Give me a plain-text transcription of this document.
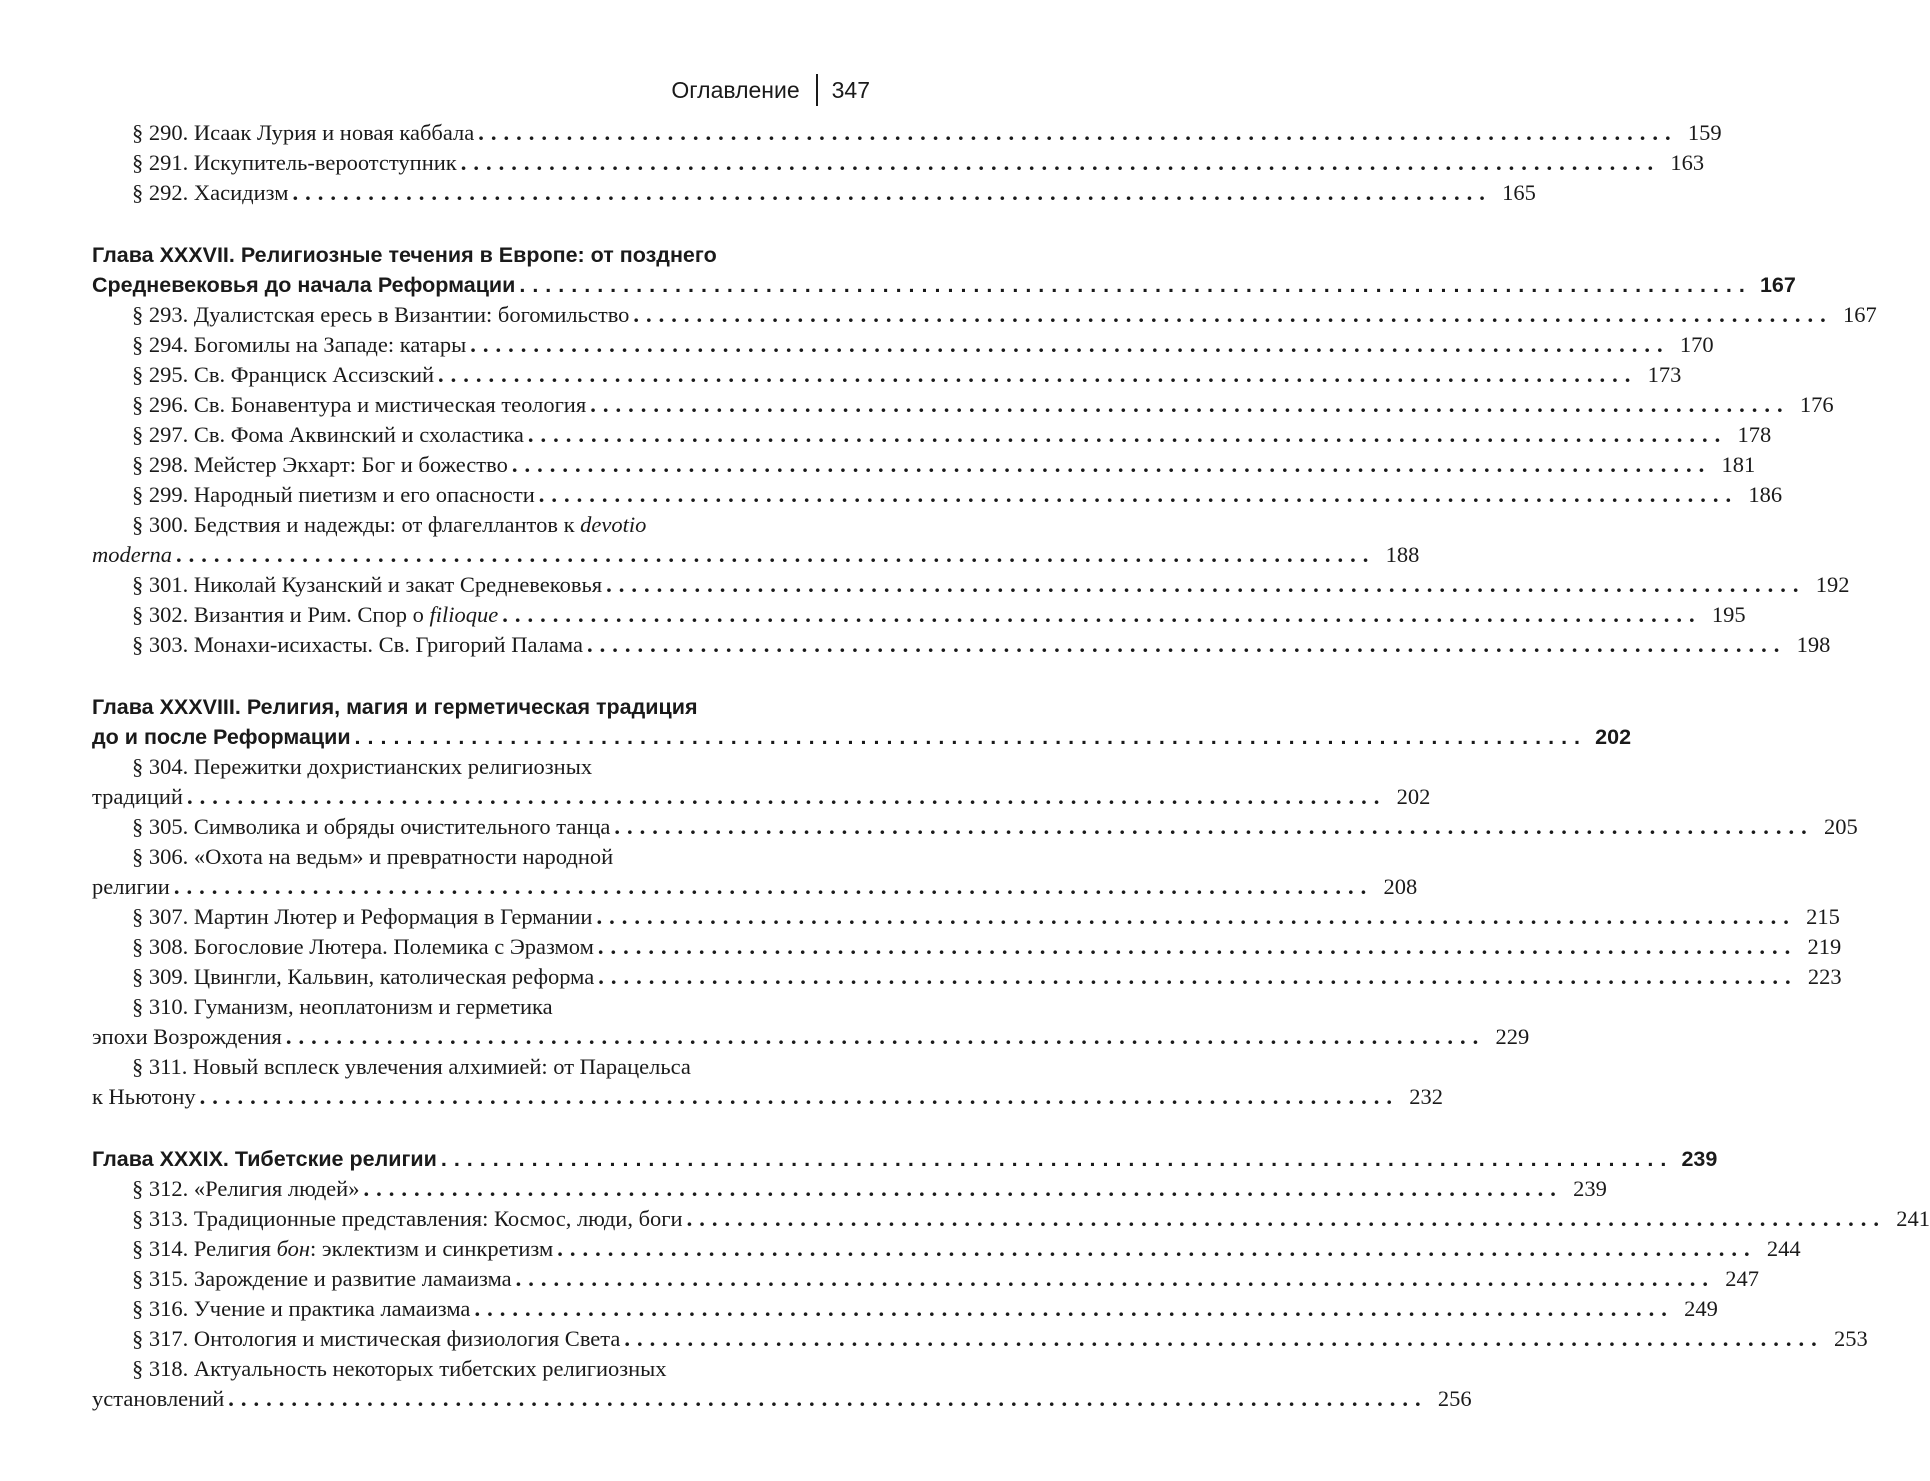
Оглавление 347
§ 290. Исаак Лурия и новая каббала ............................................................................................... 159
§ 291. Искупитель-вероотступник ............................................................................................... 163
§ 292. Хасидизм ............................................................................................... 165
Глава XXXVII. Религиозные течения в Европе: от позднего
Средневековья до начала Реформации ............................................................................................... 167
§ 293. Дуалистская ересь в Византии: богомильство ............................................................................................... 167
§ 294. Богомилы на Западе: катары ............................................................................................... 170
§ 295. Св. Франциск Ассизский ............................................................................................... 173
§ 296. Св. Бонавентура и мистическая теология ............................................................................................... 176
§ 297. Св. Фома Аквинский и схоластика ............................................................................................... 178
§ 298. Мейстер Экхарт: Бог и божество ............................................................................................... 181
§ 299. Народный пиетизм и его опасности ............................................................................................... 186
§ 300. Бедствия и надежды: от флагеллантов к devotio
moderna ............................................................................................... 188
§ 301. Николай Кузанский и закат Средневековья ............................................................................................... 192
§ 302. Византия и Рим. Спор о filioque ............................................................................................... 195
§ 303. Монахи-исихасты. Св. Григорий Палама ............................................................................................... 198
Глава XXXVIII. Религия, магия и герметическая традиция
до и после Реформации ............................................................................................... 202
§ 304. Пережитки дохристианских религиозных
традиций ............................................................................................... 202
§ 305. Символика и обряды очистительного танца ............................................................................................... 205
§ 306. «Охота на ведьм» и превратности народной
религии ............................................................................................... 208
§ 307. Мартин Лютер и Реформация в Германии ............................................................................................... 215
§ 308. Богословие Лютера. Полемика с Эразмом ............................................................................................... 219
§ 309. Цвингли, Кальвин, католическая реформа ............................................................................................... 223
§ 310. Гуманизм, неоплатонизм и герметика
эпохи Возрождения ............................................................................................... 229
§ 311. Новый всплеск увлечения алхимией: от Парацельса
к Ньютону ............................................................................................... 232
Глава XXXIX. Тибетские религии ............................................................................................... 239
§ 312. «Религия людей» ............................................................................................... 239
§ 313. Традиционные представления: Космос, люди, боги ............................................................................................... 241
§ 314. Религия бон: эклектизм и синкретизм ............................................................................................... 244
§ 315. Зарождение и развитие ламаизма ............................................................................................... 247
§ 316. Учение и практика ламаизма ............................................................................................... 249
§ 317. Онтология и мистическая физиология Света ............................................................................................... 253
§ 318. Актуальность некоторых тибетских религиозных
установлений ............................................................................................... 256
